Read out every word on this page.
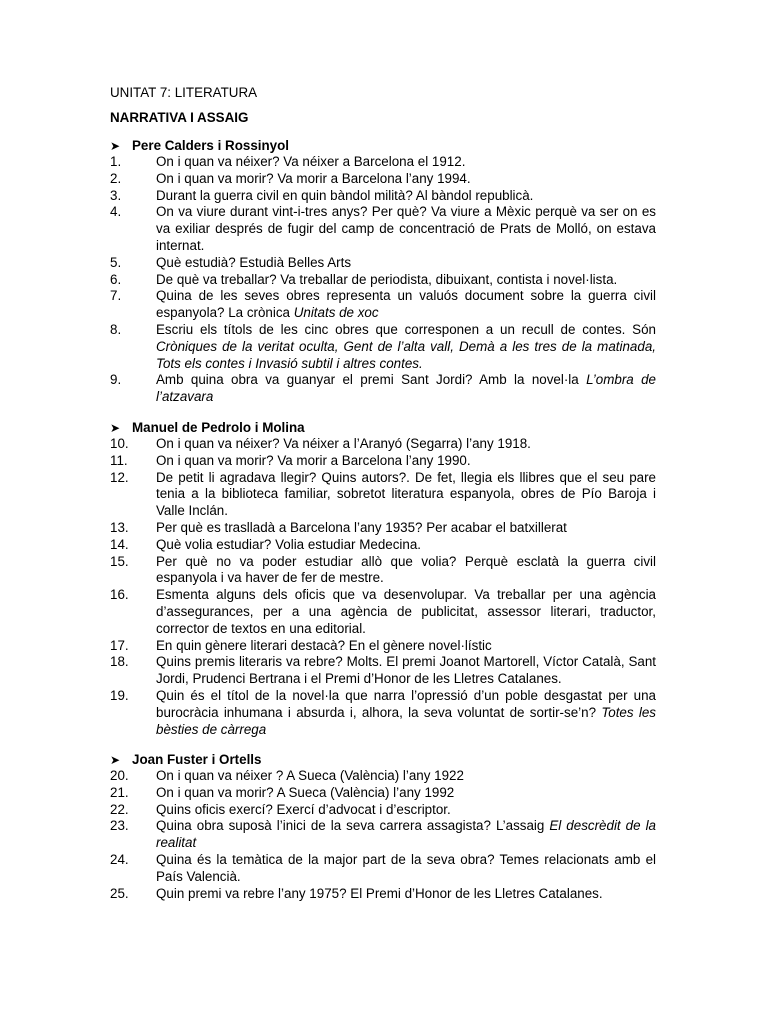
UNITAT 7: LITERATURA
NARRATIVA I ASSAIG
➤ Pere Calders i Rossinyol
1.	On i quan va néixer? Va néixer a Barcelona el 1912.
2.	On i quan va morir? Va morir a Barcelona l’any 1994.
3.	Durant la guerra civil en quin bàndol milità? Al bàndol republicà.
4.	On va viure durant vint-i-tres anys? Per què? Va viure a Mèxic perquè va ser on es va exiliar després de fugir del camp de concentració de Prats de Molló, on estava internat.
5.	Què estudià? Estudià Belles Arts
6.	De què va treballar? Va treballar de periodista, dibuixant, contista i novel·lista.
7.	Quina de les seves obres representa un valuós document sobre la guerra civil espanyola? La crònica Unitats de xoc
8.	Escriu els títols de les cinc obres que corresponen a un recull de contes. Són Cròniques de la veritat oculta, Gent de l’alta vall, Demà a les tres de la matinada, Tots els contes i Invasió subtil i altres contes.
9.	Amb quina obra va guanyar el premi Sant Jordi? Amb la novel·la L’ombra de l’atzavara
➤ Manuel de Pedrolo i Molina
10.	On i quan va néixer? Va néixer a l’Aranyó (Segarra) l’any 1918.
11.	On i quan va morir? Va morir a Barcelona l’any 1990.
12.	De petit li agradava llegir? Quins autors?. De fet, llegia els llibres que el seu pare tenia a la biblioteca familiar, sobretot literatura espanyola, obres de Pío Baroja i Valle Inclán.
13.	Per què es traslladà a Barcelona l’any 1935? Per acabar el batxillerat
14.	Què volia estudiar? Volia estudiar Medecina.
15.	Per què no va poder estudiar allò que volia? Perquè esclatà la guerra civil espanyola i va haver de fer de mestre.
16.	Esmenta alguns dels oficis que va desenvolupar. Va treballar per una agència d’assegurances, per a una agència de publicitat, assessor literari, traductor, corrector de textos en una editorial.
17.	En quin gènere literari destacà? En el gènere novel·lístic
18.	Quins premis literaris va rebre? Molts. El premi Joanot Martorell, Víctor Català, Sant Jordi, Prudenci Bertrana i el Premi d’Honor de les Lletres Catalanes.
19.	Quin és el títol de la novel·la que narra l’opressió d’un poble desgastat per una burocràcia inhumana i absurda i, alhora, la seva voluntat de sortir-se’n? Totes les bèsties de càrrega
➤ Joan Fuster i Ortells
20.	On i quan va néixer ? A Sueca (València) l’any 1922
21.	On i quan va morir? A Sueca (València) l’any 1992
22.	Quins oficis exercí? Exercí d’advocat i d’escriptor.
23.	Quina obra suposà l’inici de la seva carrera assagista? L’assaig El descrèdit de la realitat
24.	Quina és la temàtica de la major part de la seva obra? Temes relacionats amb el País Valencià.
25.	Quin premi va rebre l’any 1975? El Premi d’Honor de les Lletres Catalanes.
